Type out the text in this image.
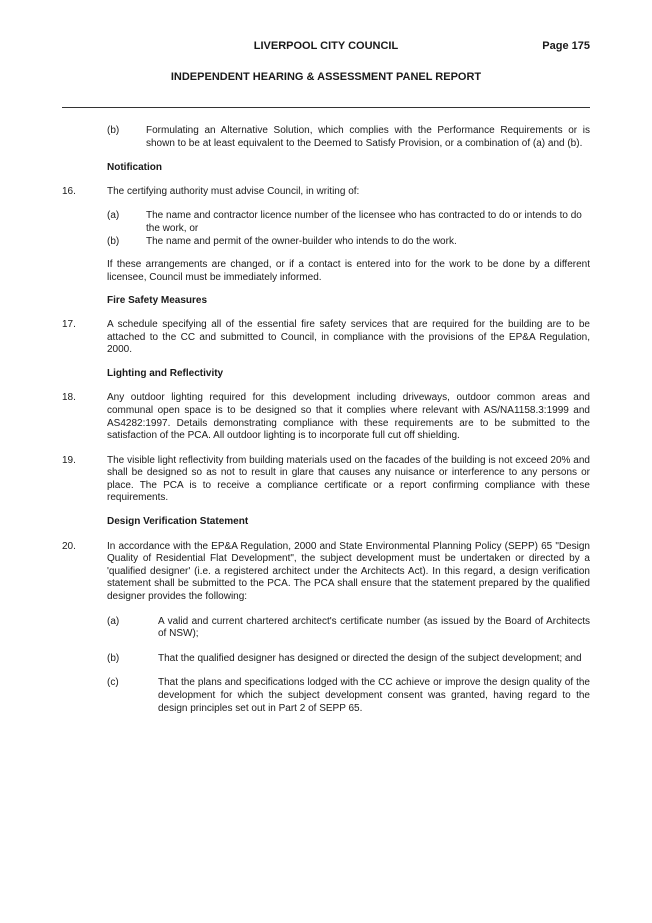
LIVERPOOL CITY COUNCIL	Page 175
INDEPENDENT HEARING & ASSESSMENT PANEL REPORT
(b)	Formulating an Alternative Solution, which complies with the Performance Requirements or is shown to be at least equivalent to the Deemed to Satisfy Provision, or a combination of (a) and (b).
Notification
16.	The certifying authority must advise Council, in writing of:
(a)	The name and contractor licence number of the licensee who has contracted to do or intends to do the work, or
(b)	The name and permit of the owner-builder who intends to do the work.
If these arrangements are changed, or if a contact is entered into for the work to be done by a different licensee, Council must be immediately informed.
Fire Safety Measures
17.	A schedule specifying all of the essential fire safety services that are required for the building are to be attached to the CC and submitted to Council, in compliance with the provisions of the EP&A Regulation, 2000.
Lighting and Reflectivity
18.	Any outdoor lighting required for this development including driveways, outdoor common areas and communal open space is to be designed so that it complies where relevant with AS/NA1158.3:1999 and AS4282:1997. Details demonstrating compliance with these requirements are to be submitted to the satisfaction of the PCA. All outdoor lighting is to incorporate full cut off shielding.
19.	The visible light reflectivity from building materials used on the facades of the building is not exceed 20% and shall be designed so as not to result in glare that causes any nuisance or interference to any persons or place. The PCA is to receive a compliance certificate or a report confirming compliance with these requirements.
Design Verification Statement
20.	In accordance with the EP&A Regulation, 2000 and State Environmental Planning Policy (SEPP) 65 "Design Quality of Residential Flat Development", the subject development must be undertaken or directed by a 'qualified designer' (i.e. a registered architect under the Architects Act). In this regard, a design verification statement shall be submitted to the PCA. The PCA shall ensure that the statement prepared by the qualified designer provides the following:
(a)	A valid and current chartered architect's certificate number (as issued by the Board of Architects of NSW);
(b)	That the qualified designer has designed or directed the design of the subject development; and
(c)	That the plans and specifications lodged with the CC achieve or improve the design quality of the development for which the subject development consent was granted, having regard to the design principles set out in Part 2 of SEPP 65.
